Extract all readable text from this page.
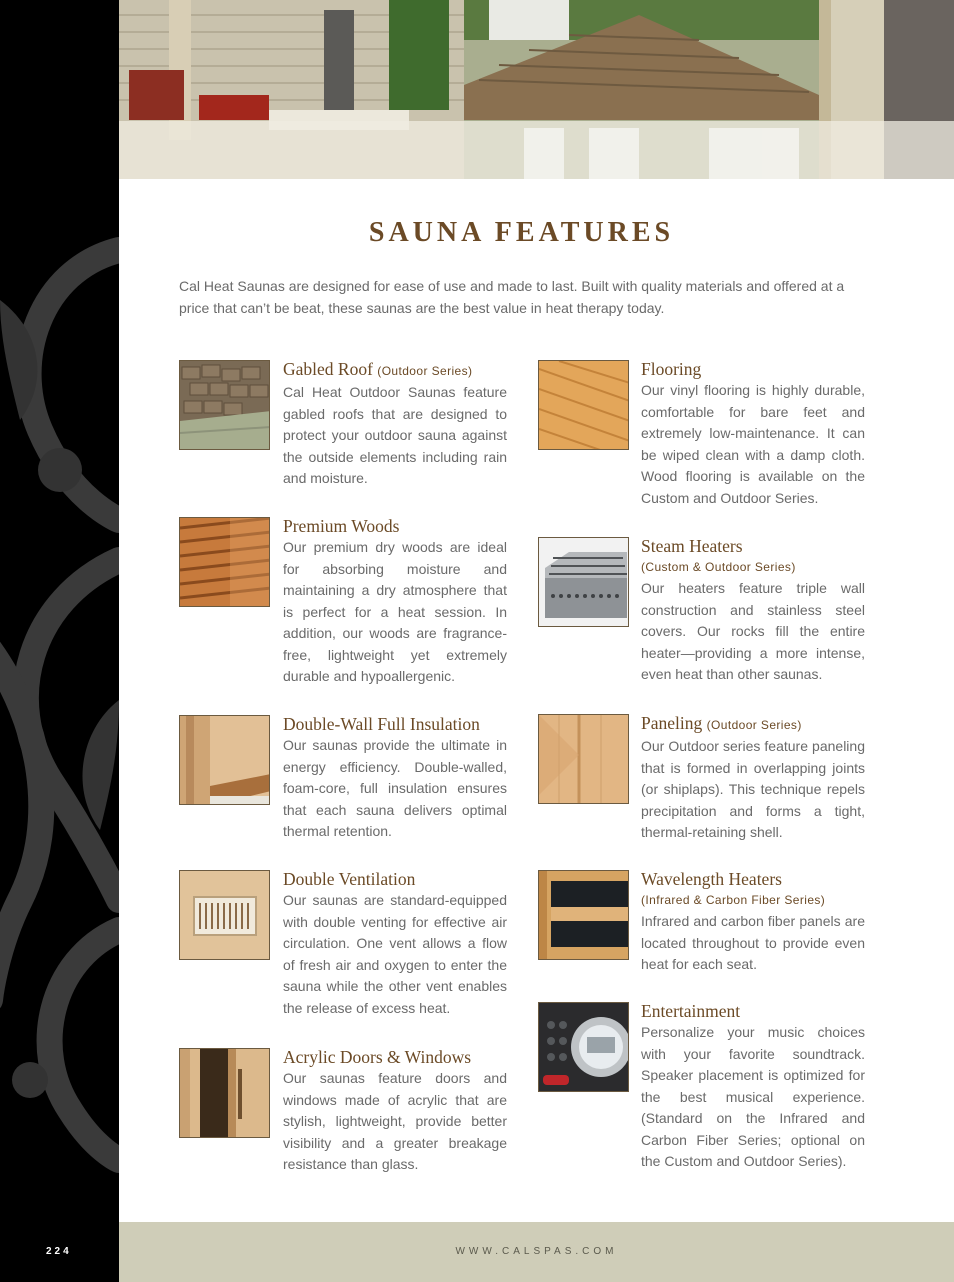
SAUNA FEATURES

Cal Heat Saunas are designed for ease of use and made to last. Built with quality materials and offered at a price that can’t be beat, these saunas are the best value in heat therapy today.

Gabled Roof (Outdoor Series)

Cal Heat Outdoor Saunas feature gabled roofs that are designed to protect your outdoor sauna against the outside elements including rain and moisture.

Premium Woods

Our premium dry woods are ideal for absorbing moisture and maintaining a dry atmosphere that is perfect for a heat session. In addition, our woods are fragrance-free, lightweight yet extremely durable and hypoallergenic.

Double-Wall Full Insulation

Our saunas provide the ultimate in energy efficiency. Double-walled, foam-core, full insulation ensures that each sauna delivers optimal thermal retention.

Double Ventilation

Our saunas are standard-equipped with double venting for effective air circulation. One vent allows a flow of fresh air and oxygen to enter the sauna while the other vent enables the release of excess heat.

Acrylic Doors & Windows

Our saunas feature doors and windows made of acrylic that are stylish, lightweight, provide better visibility and a greater breakage resistance than glass.

Flooring

Our vinyl flooring is highly durable, comfortable for bare feet and extremely low-maintenance. It can be wiped clean with a damp cloth. Wood flooring is available on the Custom and Outdoor Series.

Steam Heaters
(Custom & Outdoor Series)

Our heaters feature triple wall construction and stainless steel covers. Our rocks fill the entire heater—providing a more intense, even heat than other saunas.

Paneling (Outdoor Series)

Our Outdoor series feature paneling that is formed in overlapping joints (or shiplaps). This technique repels precipitation and forms a tight, thermal-retaining shell.

Wavelength Heaters
(Infrared & Carbon Fiber Series)

Infrared and carbon fiber panels are located throughout to provide even heat for each seat.

Entertainment

Personalize your music choices with your favorite soundtrack. Speaker placement is optimized for the best musical experience. (Standard on the Infrared and Carbon Fiber Series; optional on the Custom and Outdoor Series).

WWW.CALSPAS.COM
224
